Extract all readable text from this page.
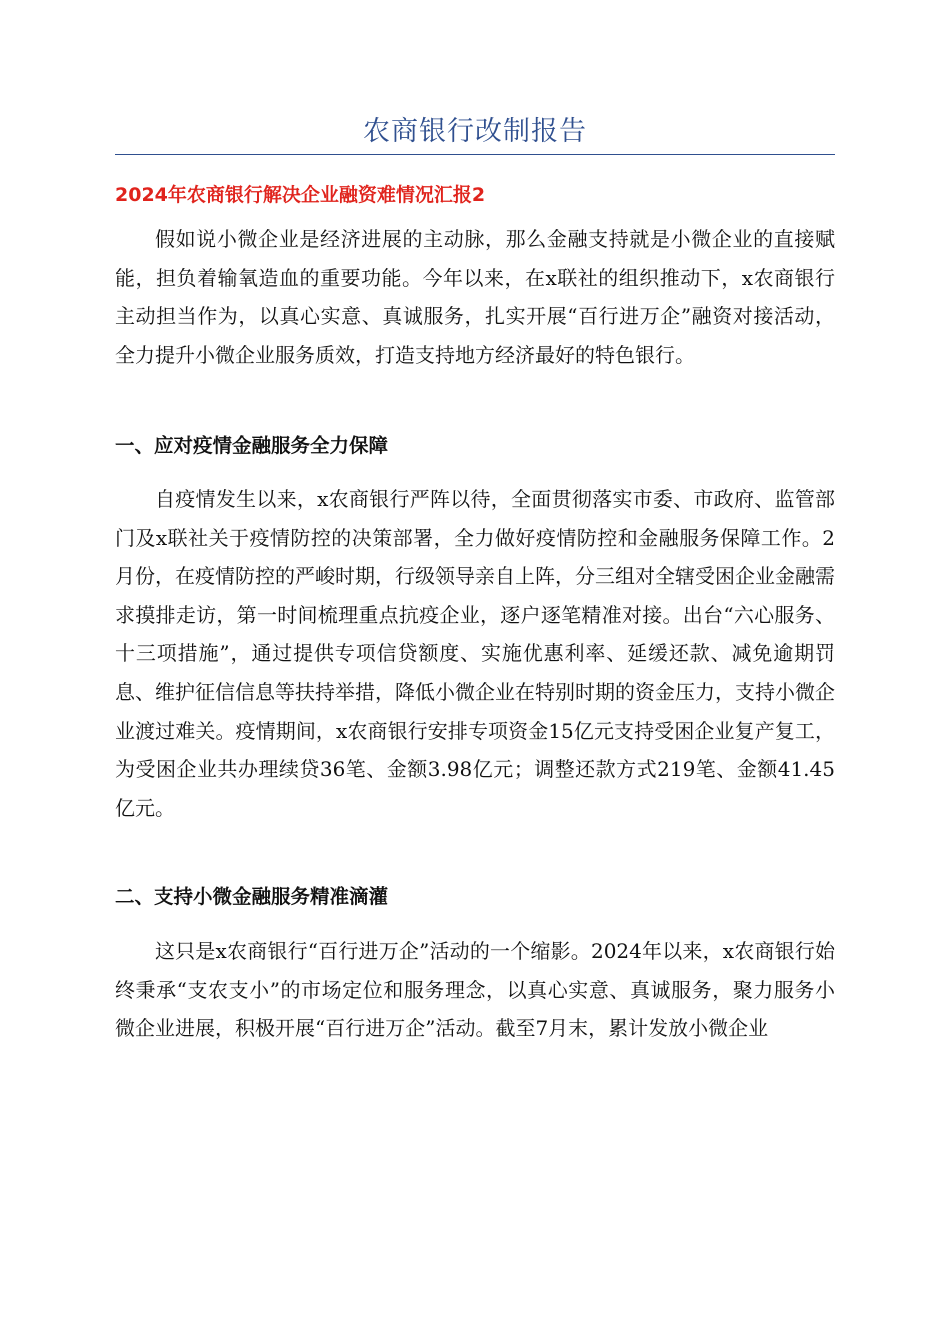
农商银行改制报告
2024年农商银行解决企业融资难情况汇报2

假如说小微企业是经济进展的主动脉，那么金融支持就是小微企业的直接赋能，担负着输氧造血的重要功能。今年以来，在x联社的组织推动下，x农商银行主动担当作为，以真心实意、真诚服务，扎实开展“百行进万企”融资对接活动，全力提升小微企业服务质效，打造支持地方经济最好的特色银行。

一、应对疫情金融服务全力保障

自疫情发生以来，x农商银行严阵以待，全面贯彻落实市委、市政府、监管部门及x联社关于疫情防控的决策部署，全力做好疫情防控和金融服务保障工作。2月份，在疫情防控的严峻时期，行级领导亲自上阵，分三组对全辖受困企业金融需求摸排走访，第一时间梳理重点抗疫企业，逐户逐笔精准对接。出台“六心服务、十三项措施”，通过提供专项信贷额度、实施优惠利率、延缓还款、减免逾期罚息、维护征信信息等扶持举措，降低小微企业在特别时期的资金压力，支持小微企业渡过难关。疫情期间，x农商银行安排专项资金15亿元支持受困企业复产复工，为受困企业共办理续贷36笔、金额3.98亿元；调整还款方式219笔、金额41.45亿元。

二、支持小微金融服务精准滴灌

这只是x农商银行“百行进万企”活动的一个缩影。2024年以来，x农商银行始终秉承“支农支小”的市场定位和服务理念，以真心实意、真诚服务，聚力服务小微企业进展，积极开展“百行进万企”活动。截至7月末，累计发放小微企业
